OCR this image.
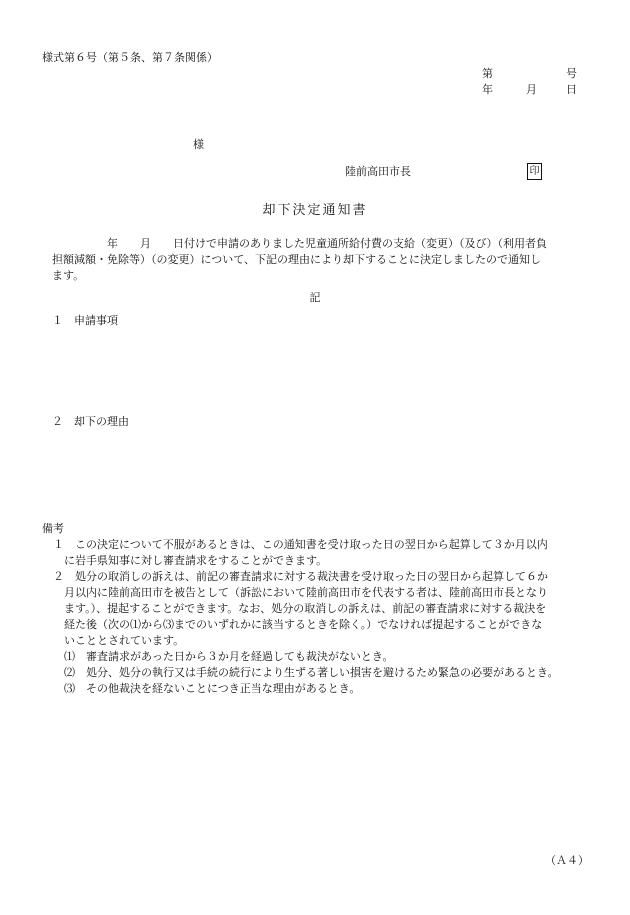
様式第６号（第５条、第７条関係）
第	号
年	月	日
様
陸前高田市長	印
却下決定通知書
　　　　　年　　月　　日付けで申請のありました児童通所給付費の支給（変更）（及び）（利用者負
担額減額・免除等）（の変更）について、下記の理由により却下することに決定しましたので通知し
ます。
記
１　申請事項
２　却下の理由
備考
　１　この決定について不服があるときは、この通知書を受け取った日の翌日から起算して３か月以内
　　に岩手県知事に対し審査請求をすることができます。
　２　処分の取消しの訴えは、前記の審査請求に対する裁決書を受け取った日の翌日から起算して６か
　　月以内に陸前高田市を被告として（訴訟において陸前高田市を代表する者は、陸前高田市長となり
　　ます。）、提起することができます。なお、処分の取消しの訴えは、前記の審査請求に対する裁決を
　　経た後（次の⑴から⑶までのいずれかに該当するときを除く。）でなければ提起することができな
　　いこととされています。
　　⑴　審査請求があった日から３か月を経過しても裁決がないとき。
　　⑵　処分、処分の執行又は手続の続行により生ずる著しい損害を避けるため緊急の必要があるとき。
　　⑶　その他裁決を経ないことにつき正当な理由があるとき。
（Ａ４）
